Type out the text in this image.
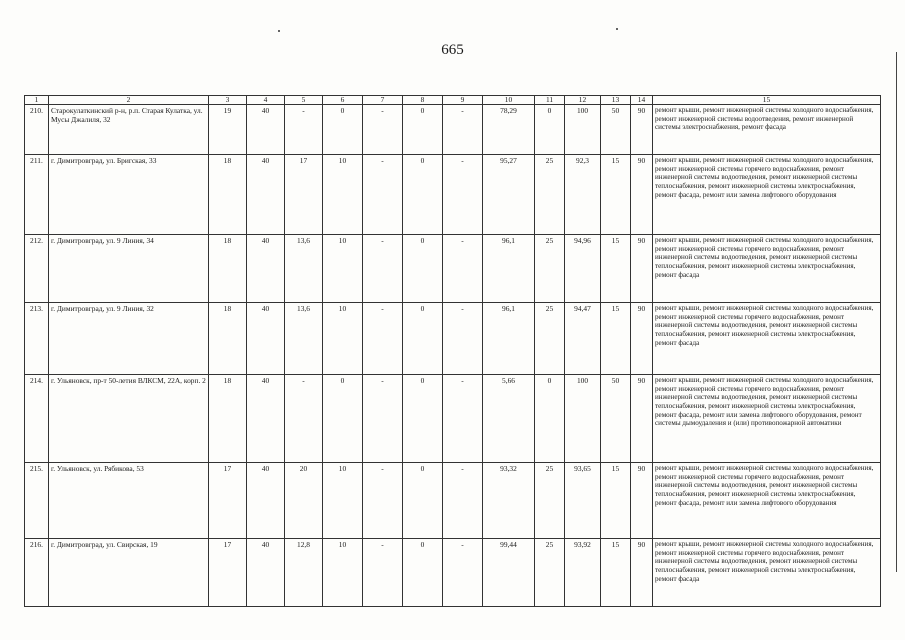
665
1	2	3	4	5	6	7	8	9	10	11	12	13	14	15
210.	Старокулаткинский р-н, р.п. Старая Кулатка, ул. Мусы Джалиля, 32	19	40	-	0	-	0	-	78,29	0	100	50	90	ремонт крыши, ремонт инженерной системы холодного водоснабжения, ремонт инженерной системы водоотведения, ремонт инженерной системы электроснабжения, ремонт фасада
211.	г. Димитровград, ул. Бригская, 33	18	40	17	10	-	0	-	95,27	25	92,3	15	90	ремонт крыши, ремонт инженерной системы холодного водоснабжения, ремонт инженерной системы горячего водоснабжения, ремонт инженерной системы водоотведения, ремонт инженерной системы теплоснабжения, ремонт инженерной системы электроснабжения, ремонт фасада, ремонт или замена лифтового оборудования
212.	г. Димитровград, ул. 9 Линия, 34	18	40	13,6	10	-	0	-	96,1	25	94,96	15	90	ремонт крыши, ремонт инженерной системы холодного водоснабжения, ремонт инженерной системы горячего водоснабжения, ремонт инженерной системы водоотведения, ремонт инженерной системы теплоснабжения, ремонт инженерной системы электроснабжения, ремонт фасада
213.	г. Димитровград, ул. 9 Линия, 32	18	40	13,6	10	-	0	-	96,1	25	94,47	15	90	ремонт крыши, ремонт инженерной системы холодного водоснабжения, ремонт инженерной системы горячего водоснабжения, ремонт инженерной системы водоотведения, ремонт инженерной системы теплоснабжения, ремонт инженерной системы электроснабжения, ремонт фасада
214.	г. Ульяновск, пр-т 50-летия ВЛКСМ, 22А, корп. 2	18	40	-	0	-	0	-	5,66	0	100	50	90	ремонт крыши, ремонт инженерной системы холодного водоснабжения, ремонт инженерной системы горячего водоснабжения, ремонт инженерной системы водоотведения, ремонт инженерной системы теплоснабжения, ремонт инженерной системы электроснабжения, ремонт фасада, ремонт или замена лифтового оборудования, ремонт системы дымоудаления и (или) противопожарной автоматики
215.	г. Ульяновск, ул. Рябикова, 53	17	40	20	10	-	0	-	93,32	25	93,65	15	90	ремонт крыши, ремонт инженерной системы холодного водоснабжения, ремонт инженерной системы горячего водоснабжения, ремонт инженерной системы водоотведения, ремонт инженерной системы теплоснабжения, ремонт инженерной системы электроснабжения, ремонт фасада, ремонт или замена лифтового оборудования
216.	г. Димитровград, ул. Свирская, 19	17	40	12,8	10	-	0	-	99,44	25	93,92	15	90	ремонт крыши, ремонт инженерной системы холодного водоснабжения, ремонт инженерной системы горячего водоснабжения, ремонт инженерной системы водоотведения, ремонт инженерной системы теплоснабжения, ремонт инженерной системы электроснабжения, ремонт фасада
